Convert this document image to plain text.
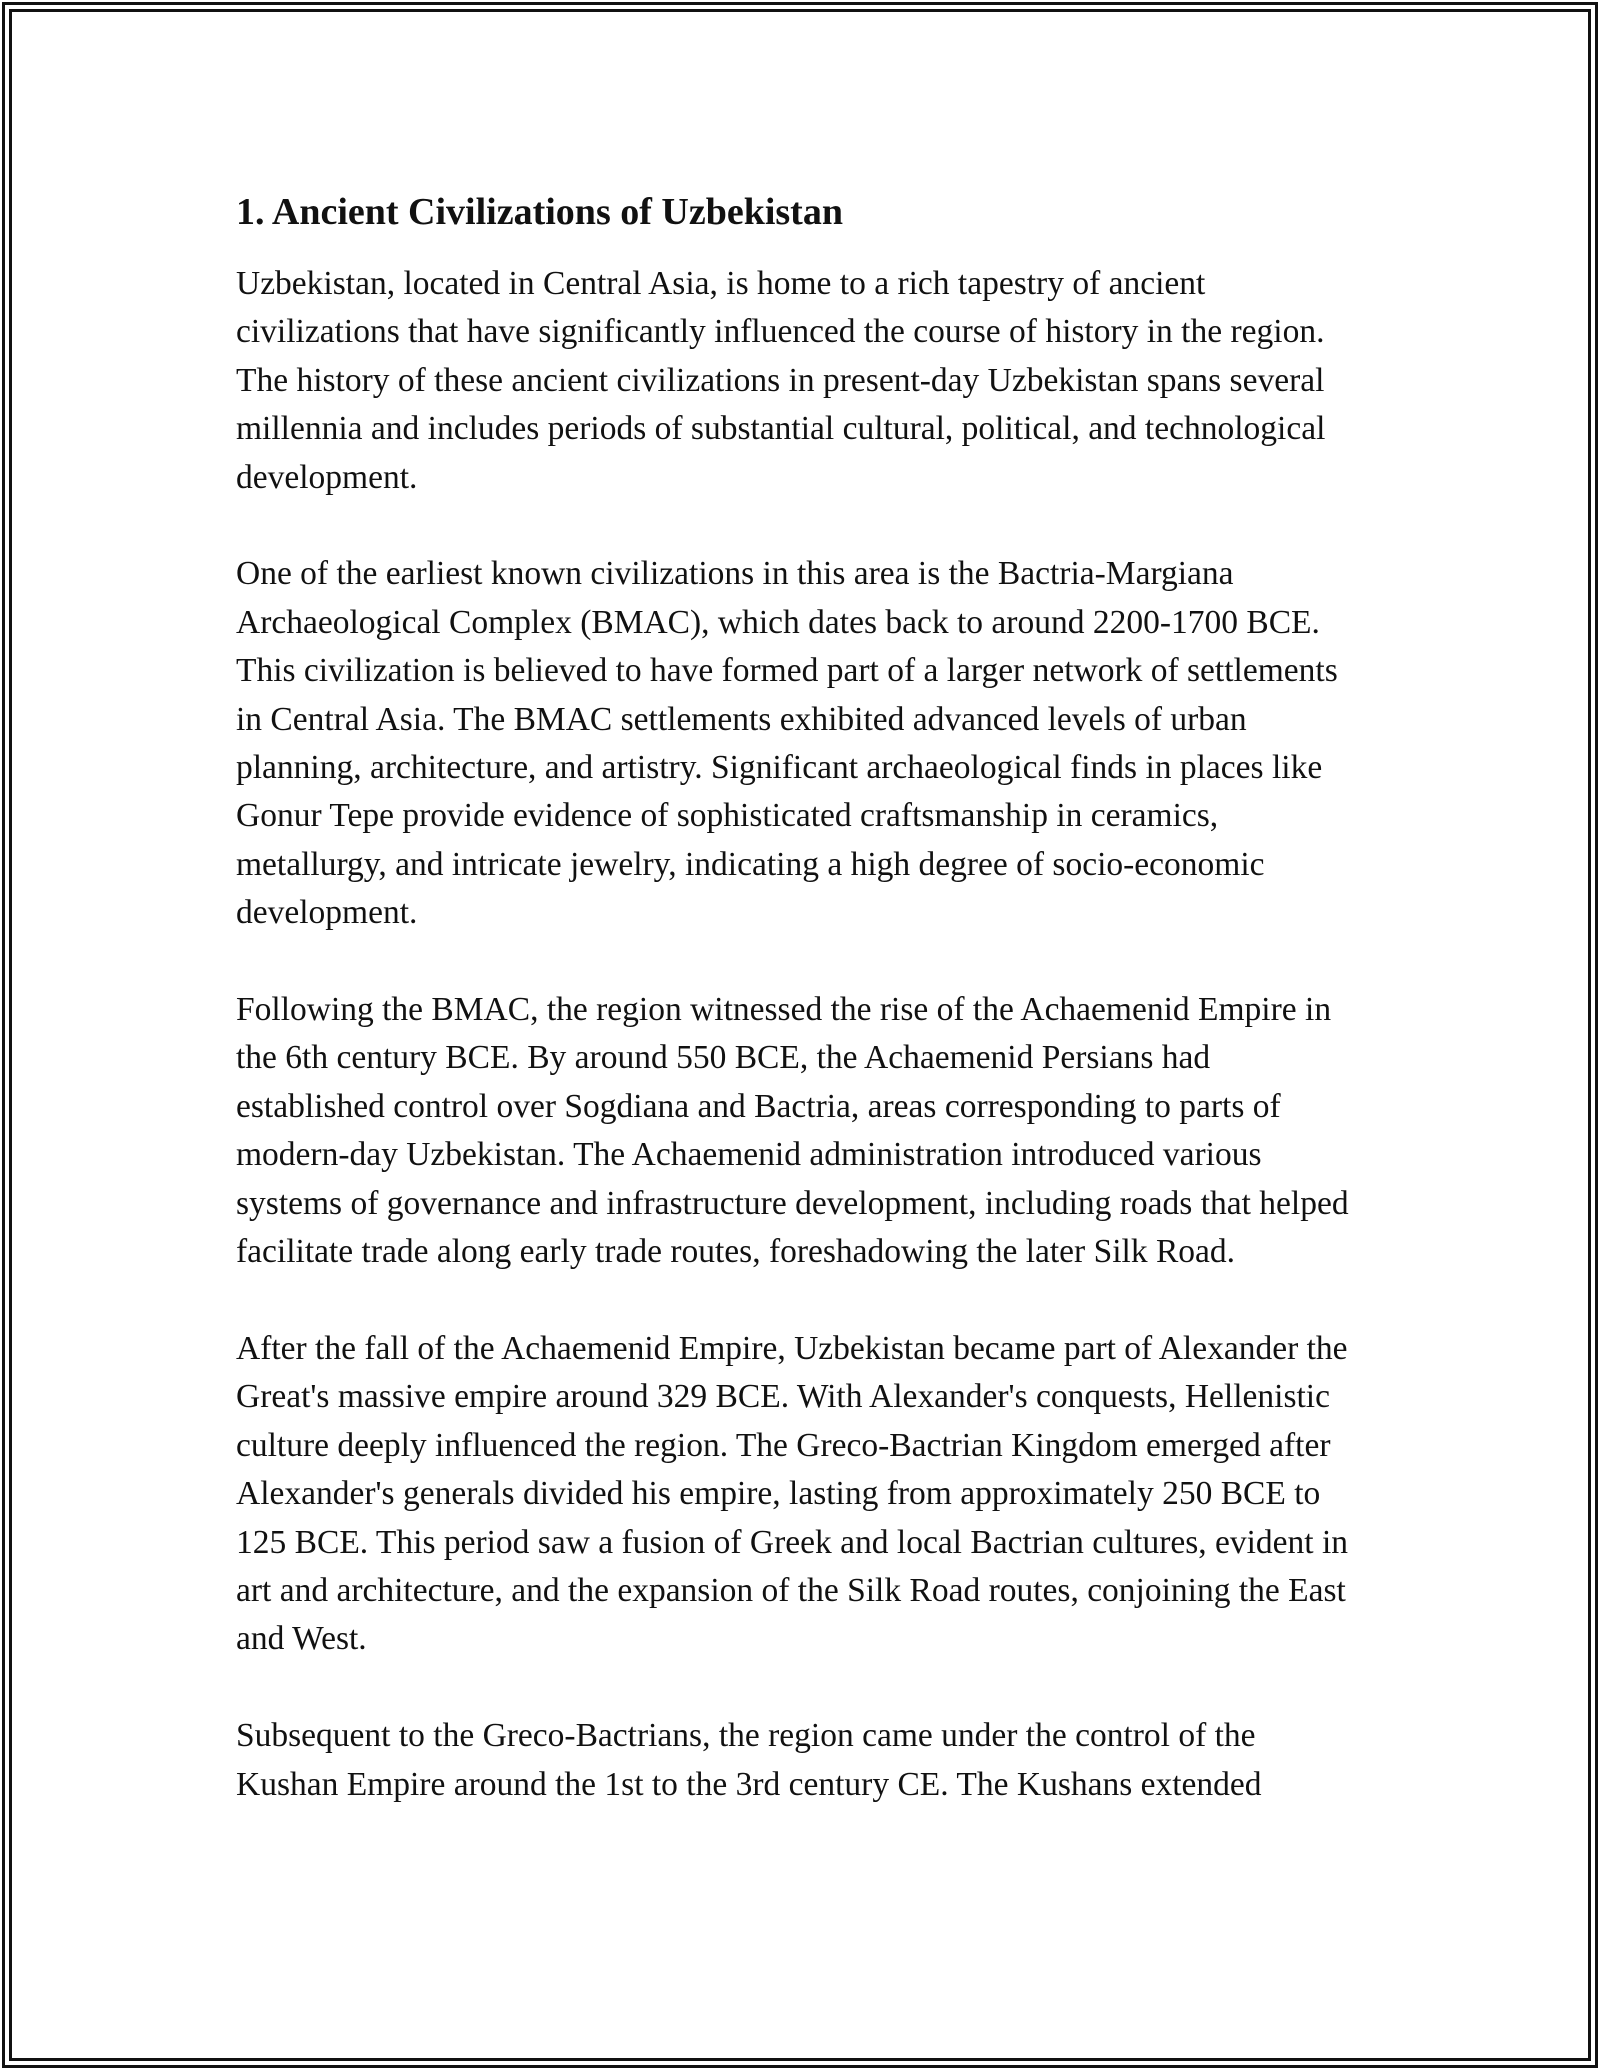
1. Ancient Civilizations of Uzbekistan

Uzbekistan, located in Central Asia, is home to a rich tapestry of ancient civilizations that have significantly influenced the course of history in the region. The history of these ancient civilizations in present-day Uzbekistan spans several millennia and includes periods of substantial cultural, political, and technological development.

One of the earliest known civilizations in this area is the Bactria-Margiana Archaeological Complex (BMAC), which dates back to around 2200-1700 BCE. This civilization is believed to have formed part of a larger network of settlements in Central Asia. The BMAC settlements exhibited advanced levels of urban planning, architecture, and artistry. Significant archaeological finds in places like Gonur Tepe provide evidence of sophisticated craftsmanship in ceramics, metallurgy, and intricate jewelry, indicating a high degree of socio-economic development.

Following the BMAC, the region witnessed the rise of the Achaemenid Empire in the 6th century BCE. By around 550 BCE, the Achaemenid Persians had established control over Sogdiana and Bactria, areas corresponding to parts of modern-day Uzbekistan. The Achaemenid administration introduced various systems of governance and infrastructure development, including roads that helped facilitate trade along early trade routes, foreshadowing the later Silk Road.

After the fall of the Achaemenid Empire, Uzbekistan became part of Alexander the Great's massive empire around 329 BCE. With Alexander's conquests, Hellenistic culture deeply influenced the region. The Greco-Bactrian Kingdom emerged after Alexander's generals divided his empire, lasting from approximately 250 BCE to 125 BCE. This period saw a fusion of Greek and local Bactrian cultures, evident in art and architecture, and the expansion of the Silk Road routes, conjoining the East and West.

Subsequent to the Greco-Bactrians, the region came under the control of the Kushan Empire around the 1st to the 3rd century CE. The Kushans extended
